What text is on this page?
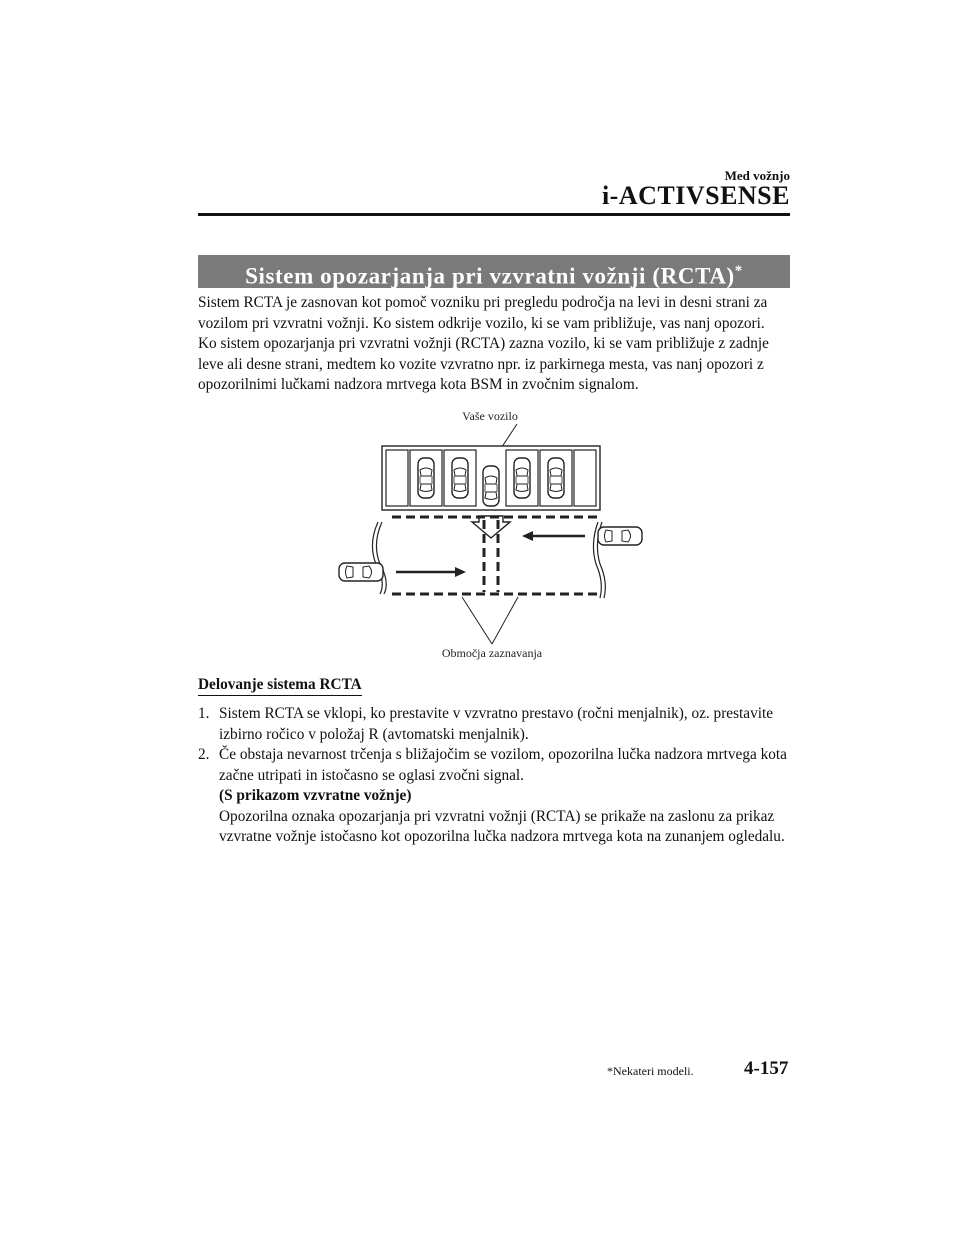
Med vožnjo
i-ACTIVSENSE
Sistem opozarjanja pri vzvratni vožnji (RCTA)*
Sistem RCTA je zasnovan kot pomoč vozniku pri pregledu področja na levi in desni strani za vozilom pri vzvratni vožnji. Ko sistem odkrije vozilo, ki se vam približuje, vas nanj opozori.
Ko sistem opozarjanja pri vzvratni vožnji (RCTA) zazna vozilo, ki se vam približuje z zadnje leve ali desne strani, medtem ko vozite vzvratno npr. iz parkirnega mesta, vas nanj opozori z opozorilnimi lučkami nadzora mrtvega kota BSM in zvočnim signalom.
Vaše vozilo
Območja zaznavanja
Delovanje sistema RCTA
1. Sistem RCTA se vklopi, ko prestavite v vzvratno prestavo (ročni menjalnik), oz. prestavite izbirno ročico v položaj R (avtomatski menjalnik).
2. Če obstaja nevarnost trčenja s bližajočim se vozilom, opozorilna lučka nadzora mrtvega kota začne utripati in istočasno se oglasi zvočni signal.
(S prikazom vzvratne vožnje)
Opozorilna oznaka opozarjanja pri vzvratni vožnji (RCTA) se prikaže na zaslonu za prikaz vzvratne vožnje istočasno kot opozorilna lučka nadzora mrtvega kota na zunanjem ogledalu.
*Nekateri modeli.	4-157
